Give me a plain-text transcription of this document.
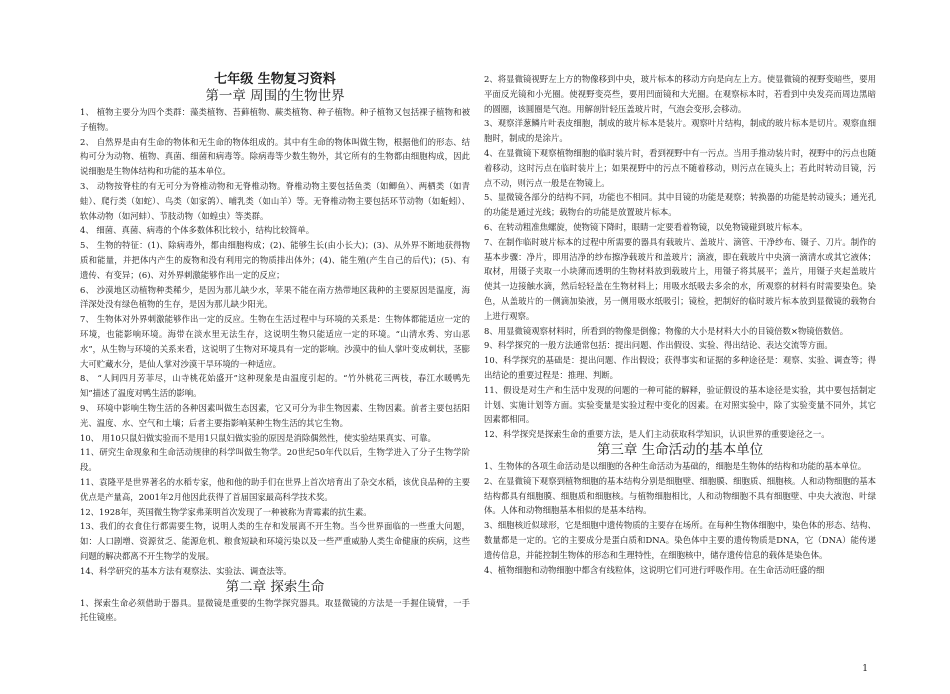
七年级 生物复习资料
第一章 周围的生物世界

1、 植物主要分为四个类群：藻类植物、苔藓植物、蕨类植物、种子植物。种子植物又包括裸子植物和被子植物。

2、 自然界是由有生命的物体和无生命的物体组成的。其中有生命的物体叫做生物，根据他们的形态、结构可分为动物、植物、真菌、细菌和病毒等。除病毒等少数生物外，其它所有的生物都由细胞构成，因此说细胞是生物体结构和功能的基本单位。

3、 动物按脊柱的有无可分为脊椎动物和无脊椎动物。脊椎动物主要包括鱼类（如鲫鱼）、两栖类（如青蛙）、爬行类（如蛇）、鸟类（如家鸽）、哺乳类（如山羊）等。无脊椎动物主要包括环节动物（如蚯蚓）、软体动物（如河蚌）、节肢动物（如蝗虫）等类群。

4、 细菌、真菌、病毒的个体多数体积比较小，结构比较简单。

5、 生物的特征：(1)、除病毒外，都由细胞构成；(2)、能够生长(由小长大)；(3)、从外界不断地获得物质和能量，并把体内产生的废物和没有利用完的物质排出体外；(4)、能生殖(产生自己的后代)；(5)、有遗传、有变异；(6)、对外界刺激能够作出一定的反应；

6、 沙漠地区动植物种类稀少，是因为那儿缺少水，苹果不能在南方热带地区栽种的主要原因是温度，海洋深处没有绿色植物的生存，是因为那儿缺少阳光。

7、 生物体对外界刺激能够作出一定的反应。生物在生活过程中与环境的关系是：生物体都能适应一定的环境，也能影响环境。海带在淡水里无法生存，这说明生物只能适应一定的环境。“山清水秀、穷山恶水”，从生物与环境的关系来看，这说明了生物对环境具有一定的影响。沙漠中的仙人掌叶变成刺状，茎膨大可贮藏水分，是仙人掌对沙漠干旱环境的一种适应。

8、 “人间四月芳菲尽，山寺桃花始盛开”这种现象是由温度引起的。“竹外桃花三两枝，春江水暖鸭先知”描述了温度对鸭生活的影响。

9、 环境中影响生物生活的各种因素叫做生态因素，它又可分为非生物因素、生物因素。前者主要包括阳光、温度、水、空气和土壤；后者主要指影响某种生物生活的其它生物。

10、 用10只鼠妇做实验而不是用1只鼠妇做实验的原因是消除偶然性，使实验结果真实、可靠。

11、研究生命现象和生命活动规律的科学叫做生物学。20世纪50年代以后，生物学进入了分子生物学阶段。

11、袁隆平是世界著名的水稻专家，他和他的助手们在世界上首次培育出了杂交水稻，该优良品种的主要优点是产量高，2001年2月他因此获得了首届国家最高科学技术奖。

12、1928年，英国微生物学家弗莱明首次发现了一种被称为青霉素的抗生素。

13、我们的衣食住行都需要生物，说明人类的生存和发展离不开生物。当今世界面临的一些重大问题，如：人口剧增、资源贫乏、能源危机、粮食短缺和环境污染以及一些严重威胁人类生命健康的疾病，这些问题的解决都离不开生物学的发展。

14、科学研究的基本方法有观察法、实验法、调查法等。

第二章 探索生命

1、探索生命必须借助于器具。显微镜是重要的生物学探究器具。取显微镜的方法是一手握住镜臂，一手托住镜座。

2、将显微镜视野左上方的物像移到中央，玻片标本的移动方向是向左上方。使显微镜的视野变暗些，要用平面反光镜和小光圈。使视野变亮些，要用凹面镜和大光圈。在观察标本时，若看到中央发亮而周边黑暗的圆圈，该圆圈是气泡。用解剖针轻压盖玻片时，气泡会变形,会移动。

3、观察洋葱鳞片叶表皮细胞，制成的玻片标本是装片。观察叶片结构，制成的玻片标本是切片。观察血细胞时，制成的是涂片。

4、在显微镜下观察植物细胞的临时装片时，看到视野中有一污点。当用手推动装片时，视野中的污点也随着移动，这时污点在临时装片上；如果视野中的污点不随着移动，则污点在镜头上；若此时转动目镜，污点不动，则污点一般是在物镜上。

5、显微镜各部分的结构不同，功能也不相同。其中目镜的功能是观察；转换器的功能是转动镜头；通光孔的功能是通过光线；载物台的功能是放置玻片标本。

6、在转动粗准焦螺旋，使物镜下降时，眼睛一定要看着物镜，以免物镜碰到玻片标本。

7、在制作临时玻片标本的过程中所需要的器具有载玻片、盖玻片、滴管、干净纱布、镊子、刀片。制作的基本步骤：净片，即用洁净的纱布擦净载玻片和盖玻片；滴液，即在载玻片中央滴一滴清水或其它液体；取材，用镊子夹取一小块薄而透明的生物材料放到载玻片上，用镊子将其展平；盖片，用镊子夹起盖玻片使其一边接触水滴，然后轻轻盖在生物材料上；用吸水纸吸去多余的水，所观察的材料有时需要染色。染色，从盖玻片的一侧滴加染液，另一侧用吸水纸吸引；镜检，把制好的临时玻片标本放到显微镜的载物台上进行观察。

8、用显微镜观察材料时，所看到的物像是倒像；物像的大小是材料大小的目镜倍数×物镜倍数倍。

9、科学探究的一般方法通常包括：提出问题、作出假设、实验、得出结论、表达交流等方面。

10、科学探究的基础是：提出问题、作出假设；获得事实和证据的多种途径是：观察、实验、调查等；得出结论的重要过程是：推理、判断。

11、假设是对生产和生活中发现的问题的一种可能的解释，验证假设的基本途径是实验，其中要包括制定计划、实施计划等方面。实验变量是实验过程中变化的因素。在对照实验中，除了实验变量不同外，其它因素都相同。

12、科学探究是探索生命的重要方法，是人们主动获取科学知识，认识世界的重要途径之一。

第三章 生命活动的基本单位

1、生物体的各项生命活动是以细胞的各种生命活动为基础的，细胞是生物体的结构和功能的基本单位。

2、在显微镜下观察到植物细胞的基本结构分别是细胞壁、细胞膜、细胞质、细胞核。人和动物细胞的基本结构都具有细胞膜、细胞质和细胞核。与植物细胞相比，人和动物细胞不具有细胞壁、中央大液泡、叶绿体。人体和动物细胞基本相似的是基本结构。

3、细胞核近似球形，它是细胞中遗传物质的主要存在场所。在每种生物体细胞中，染色体的形态、结构、数量都是一定的。它的主要成分是蛋白质和DNA。染色体中主要的遗传物质是DNA，它（DNA）能传递遗传信息，并能控制生物体的形态和生理特性，在细胞核中，储存遗传信息的载体是染色体。

4、植物细胞和动物细胞中都含有线粒体，这说明它们可进行呼吸作用。在生命活动旺盛的细

1
